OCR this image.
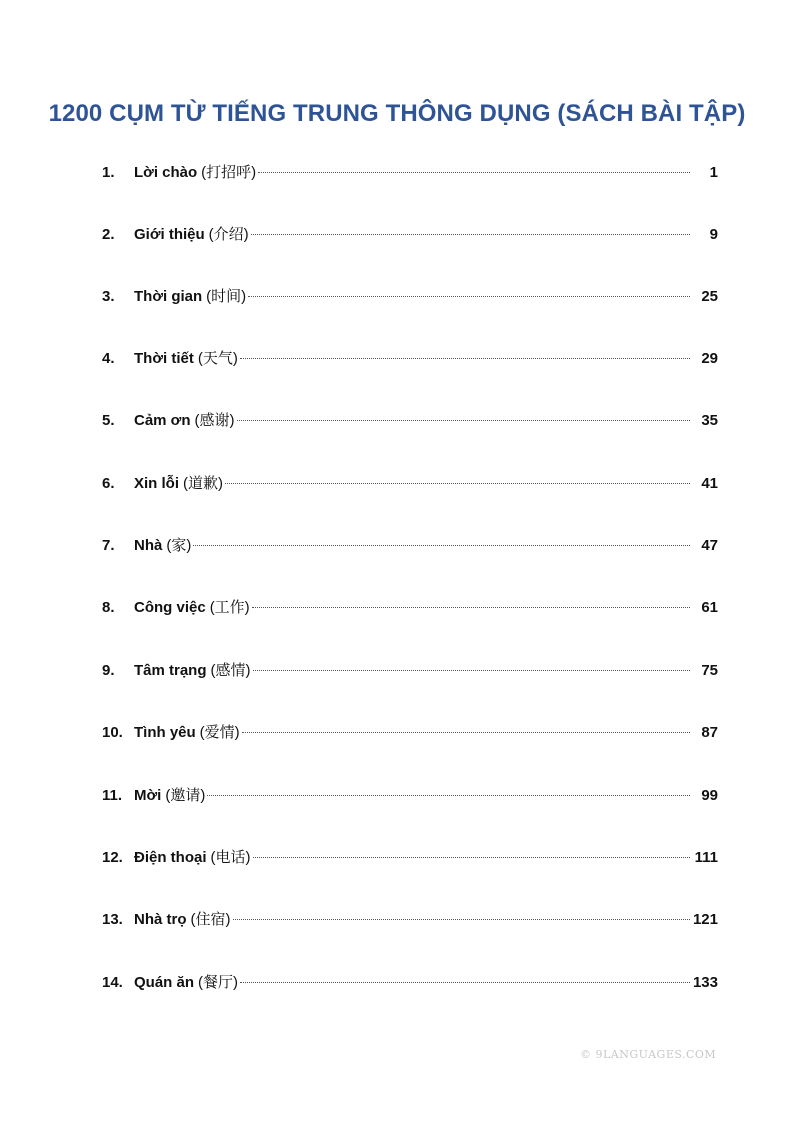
1200 CỤM TỪ TIẾNG TRUNG THÔNG DỤNG (SÁCH BÀI TẬP)
1.	Lời chào (打招呼)	1
2.	Giới thiệu (介绍)	9
3.	Thời gian (时间)	25
4.	Thời tiết (天气)	29
5.	Cảm ơn (感谢)	35
6.	Xin lỗi (道歉)	41
7.	Nhà (家)	47
8.	Công việc (工作)	61
9.	Tâm trạng (感情)	75
10. Tình yêu (爱情)	87
11. Mời (邀请)	99
12. Điện thoại (电话)	111
13. Nhà trọ (住宿)	121
14. Quán ăn (餐厅)	133
© 9LANGUAGES.COM
